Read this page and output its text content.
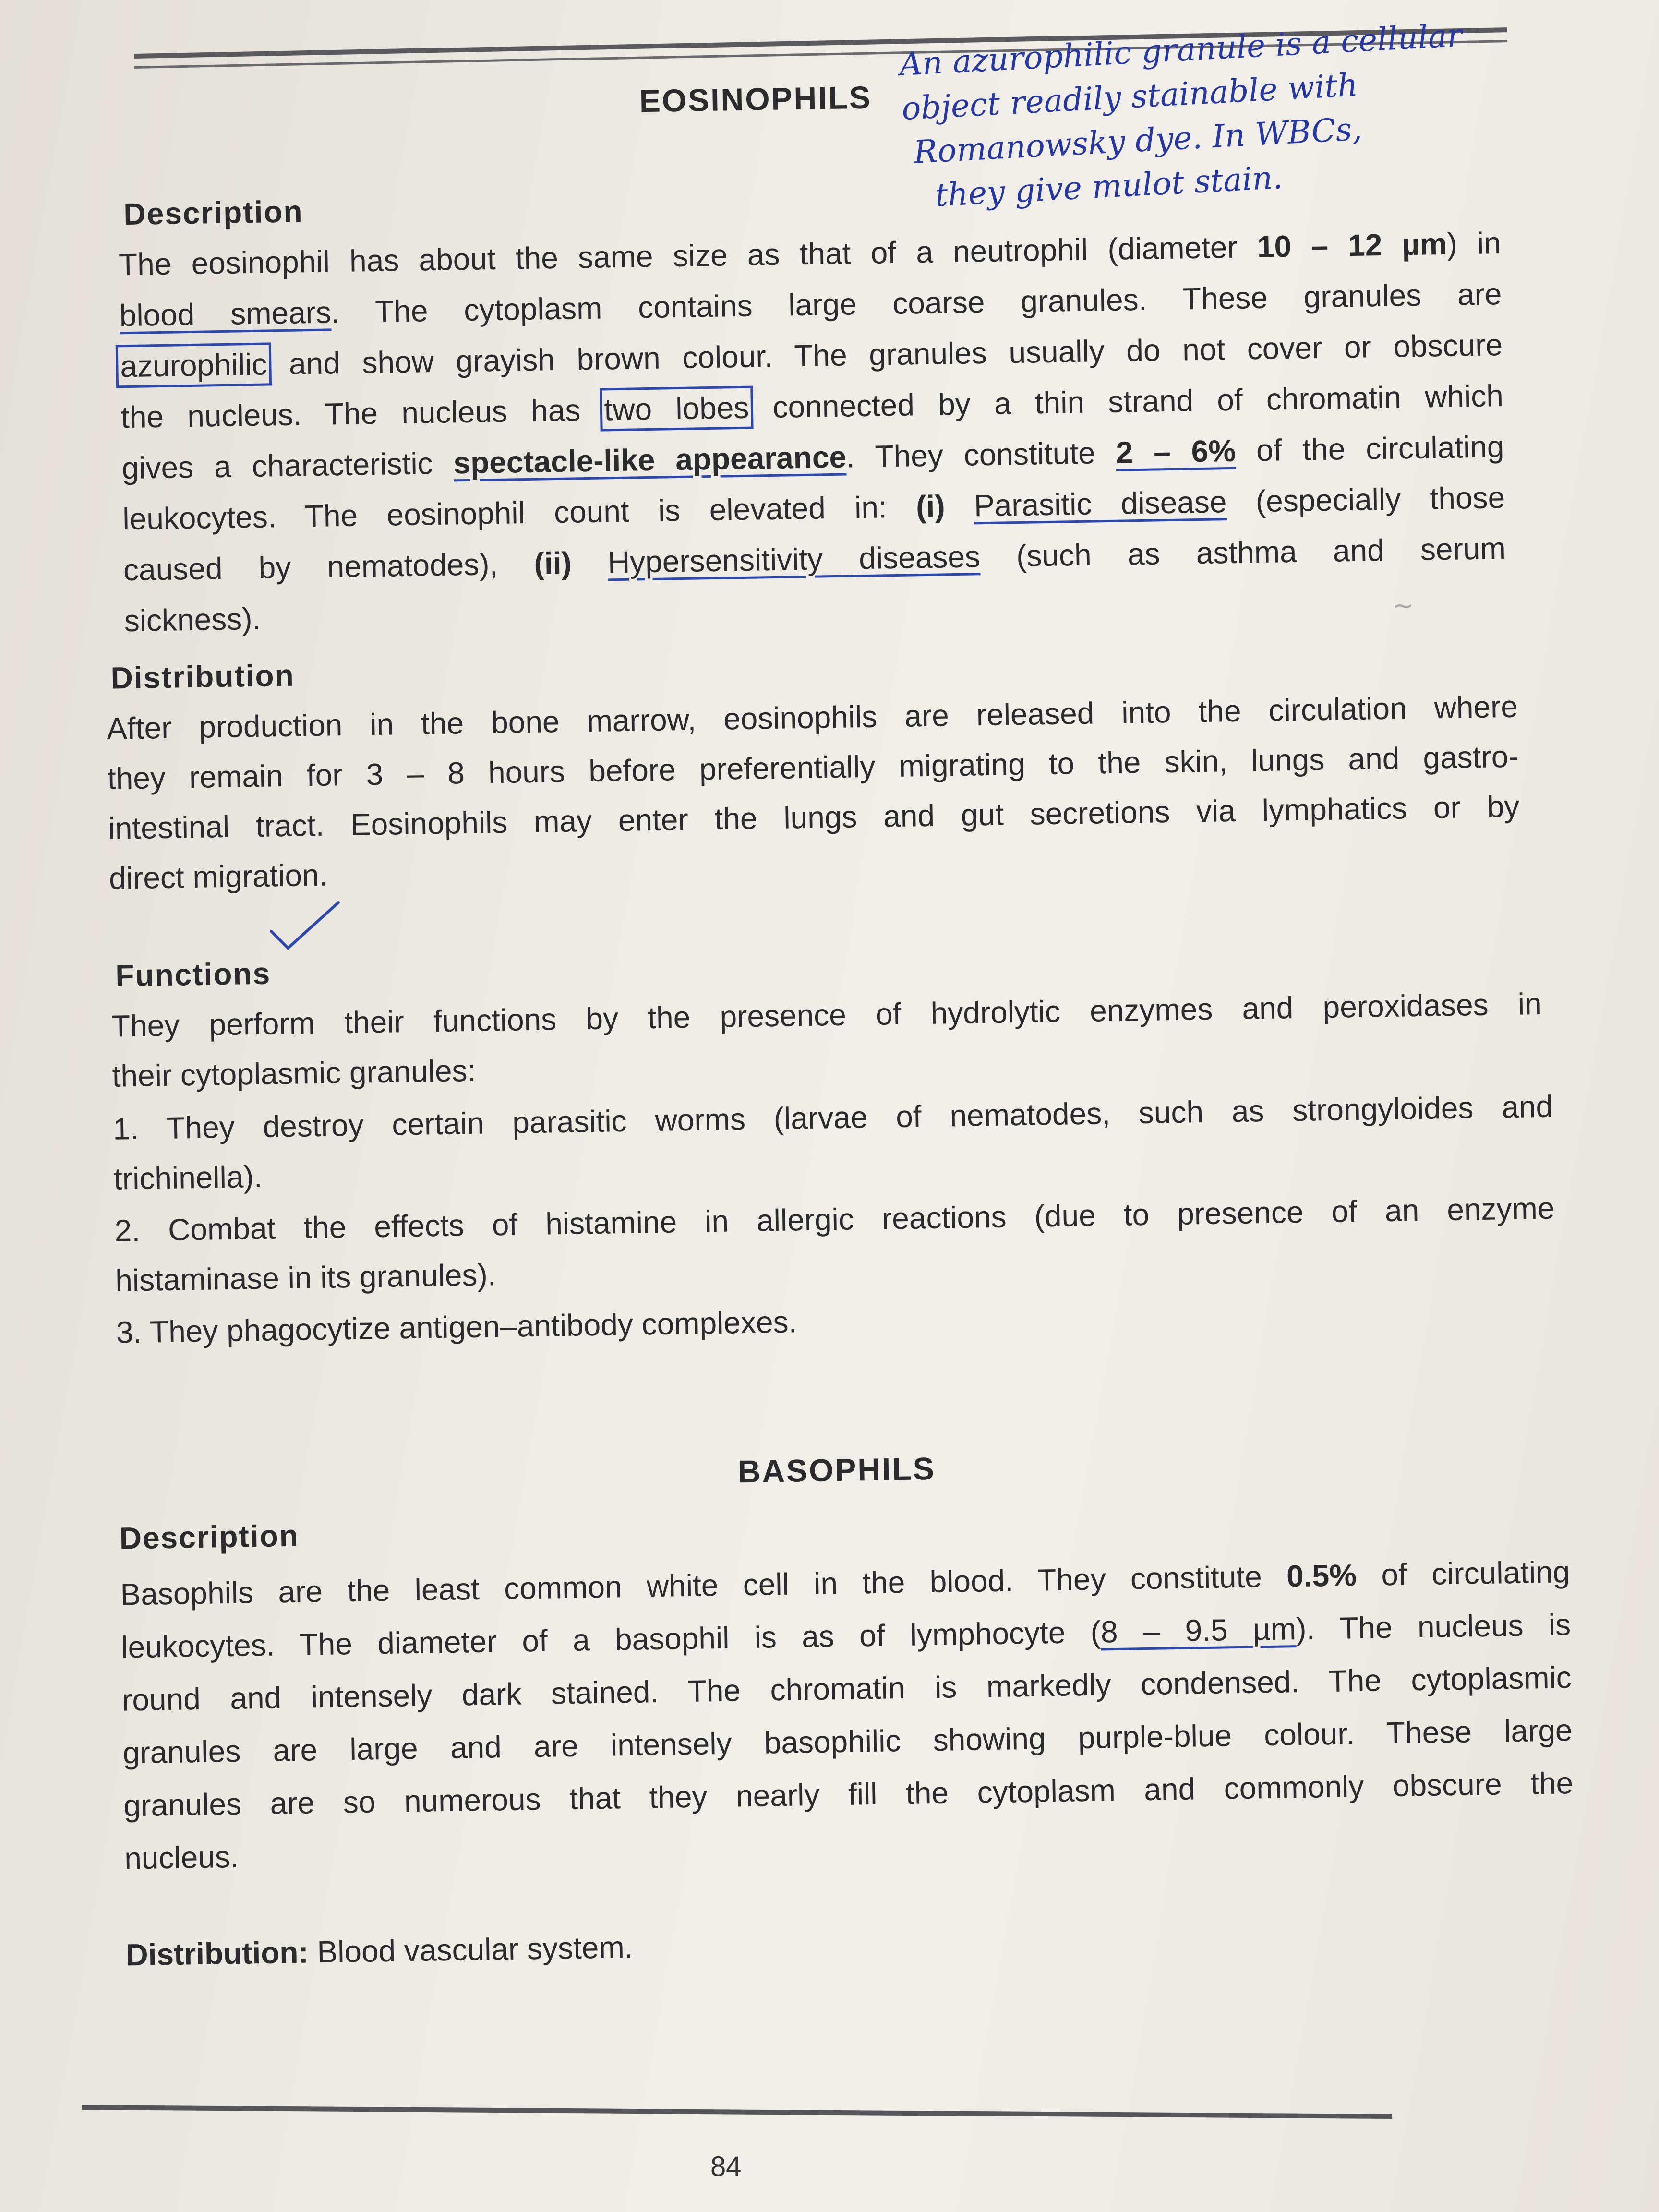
An azurophilic granule is a cellular
object readily stainable with
Romanowsky dye. In WBCs,
they give mulot stain.
EOSINOPHILS
Description
The eosinophil has about the same size as that of a neutrophil (diameter 10 – 12 µm) in
blood smears. The cytoplasm contains large coarse granules. These granules are
azurophilic and show grayish brown colour. The granules usually do not cover or obscure
the nucleus. The nucleus has two lobes connected by a thin strand of chromatin which
gives a characteristic spectacle-like appearance. They constitute 2 – 6% of the circulating
leukocytes. The eosinophil count is elevated in: (i) Parasitic disease (especially those
caused by nematodes), (ii) Hypersensitivity diseases (such as asthma and serum
sickness).
Distribution
After production in the bone marrow, eosinophils are released into the circulation where
they remain for 3 – 8 hours before preferentially migrating to the skin, lungs and gastro-
intestinal tract. Eosinophils may enter the lungs and gut secretions via lymphatics or by
direct migration.
Functions
They perform their functions by the presence of hydrolytic enzymes and peroxidases in
their cytoplasmic granules:
1. They destroy certain parasitic worms (larvae of nematodes, such as strongyloides and
trichinella).
2. Combat the effects of histamine in allergic reactions (due to presence of an enzyme
histaminase in its granules).
3. They phagocytize antigen–antibody complexes.
BASOPHILS
Description
Basophils are the least common white cell in the blood. They constitute 0.5% of circulating
leukocytes. The diameter of a basophil is as of lymphocyte (8 – 9.5 µm). The nucleus is
round and intensely dark stained. The chromatin is markedly condensed. The cytoplasmic
granules are large and are intensely basophilic showing purple-blue colour. These large
granules are so numerous that they nearly fill the cytoplasm and commonly obscure the
nucleus.
Distribution: Blood vascular system.
~
84
